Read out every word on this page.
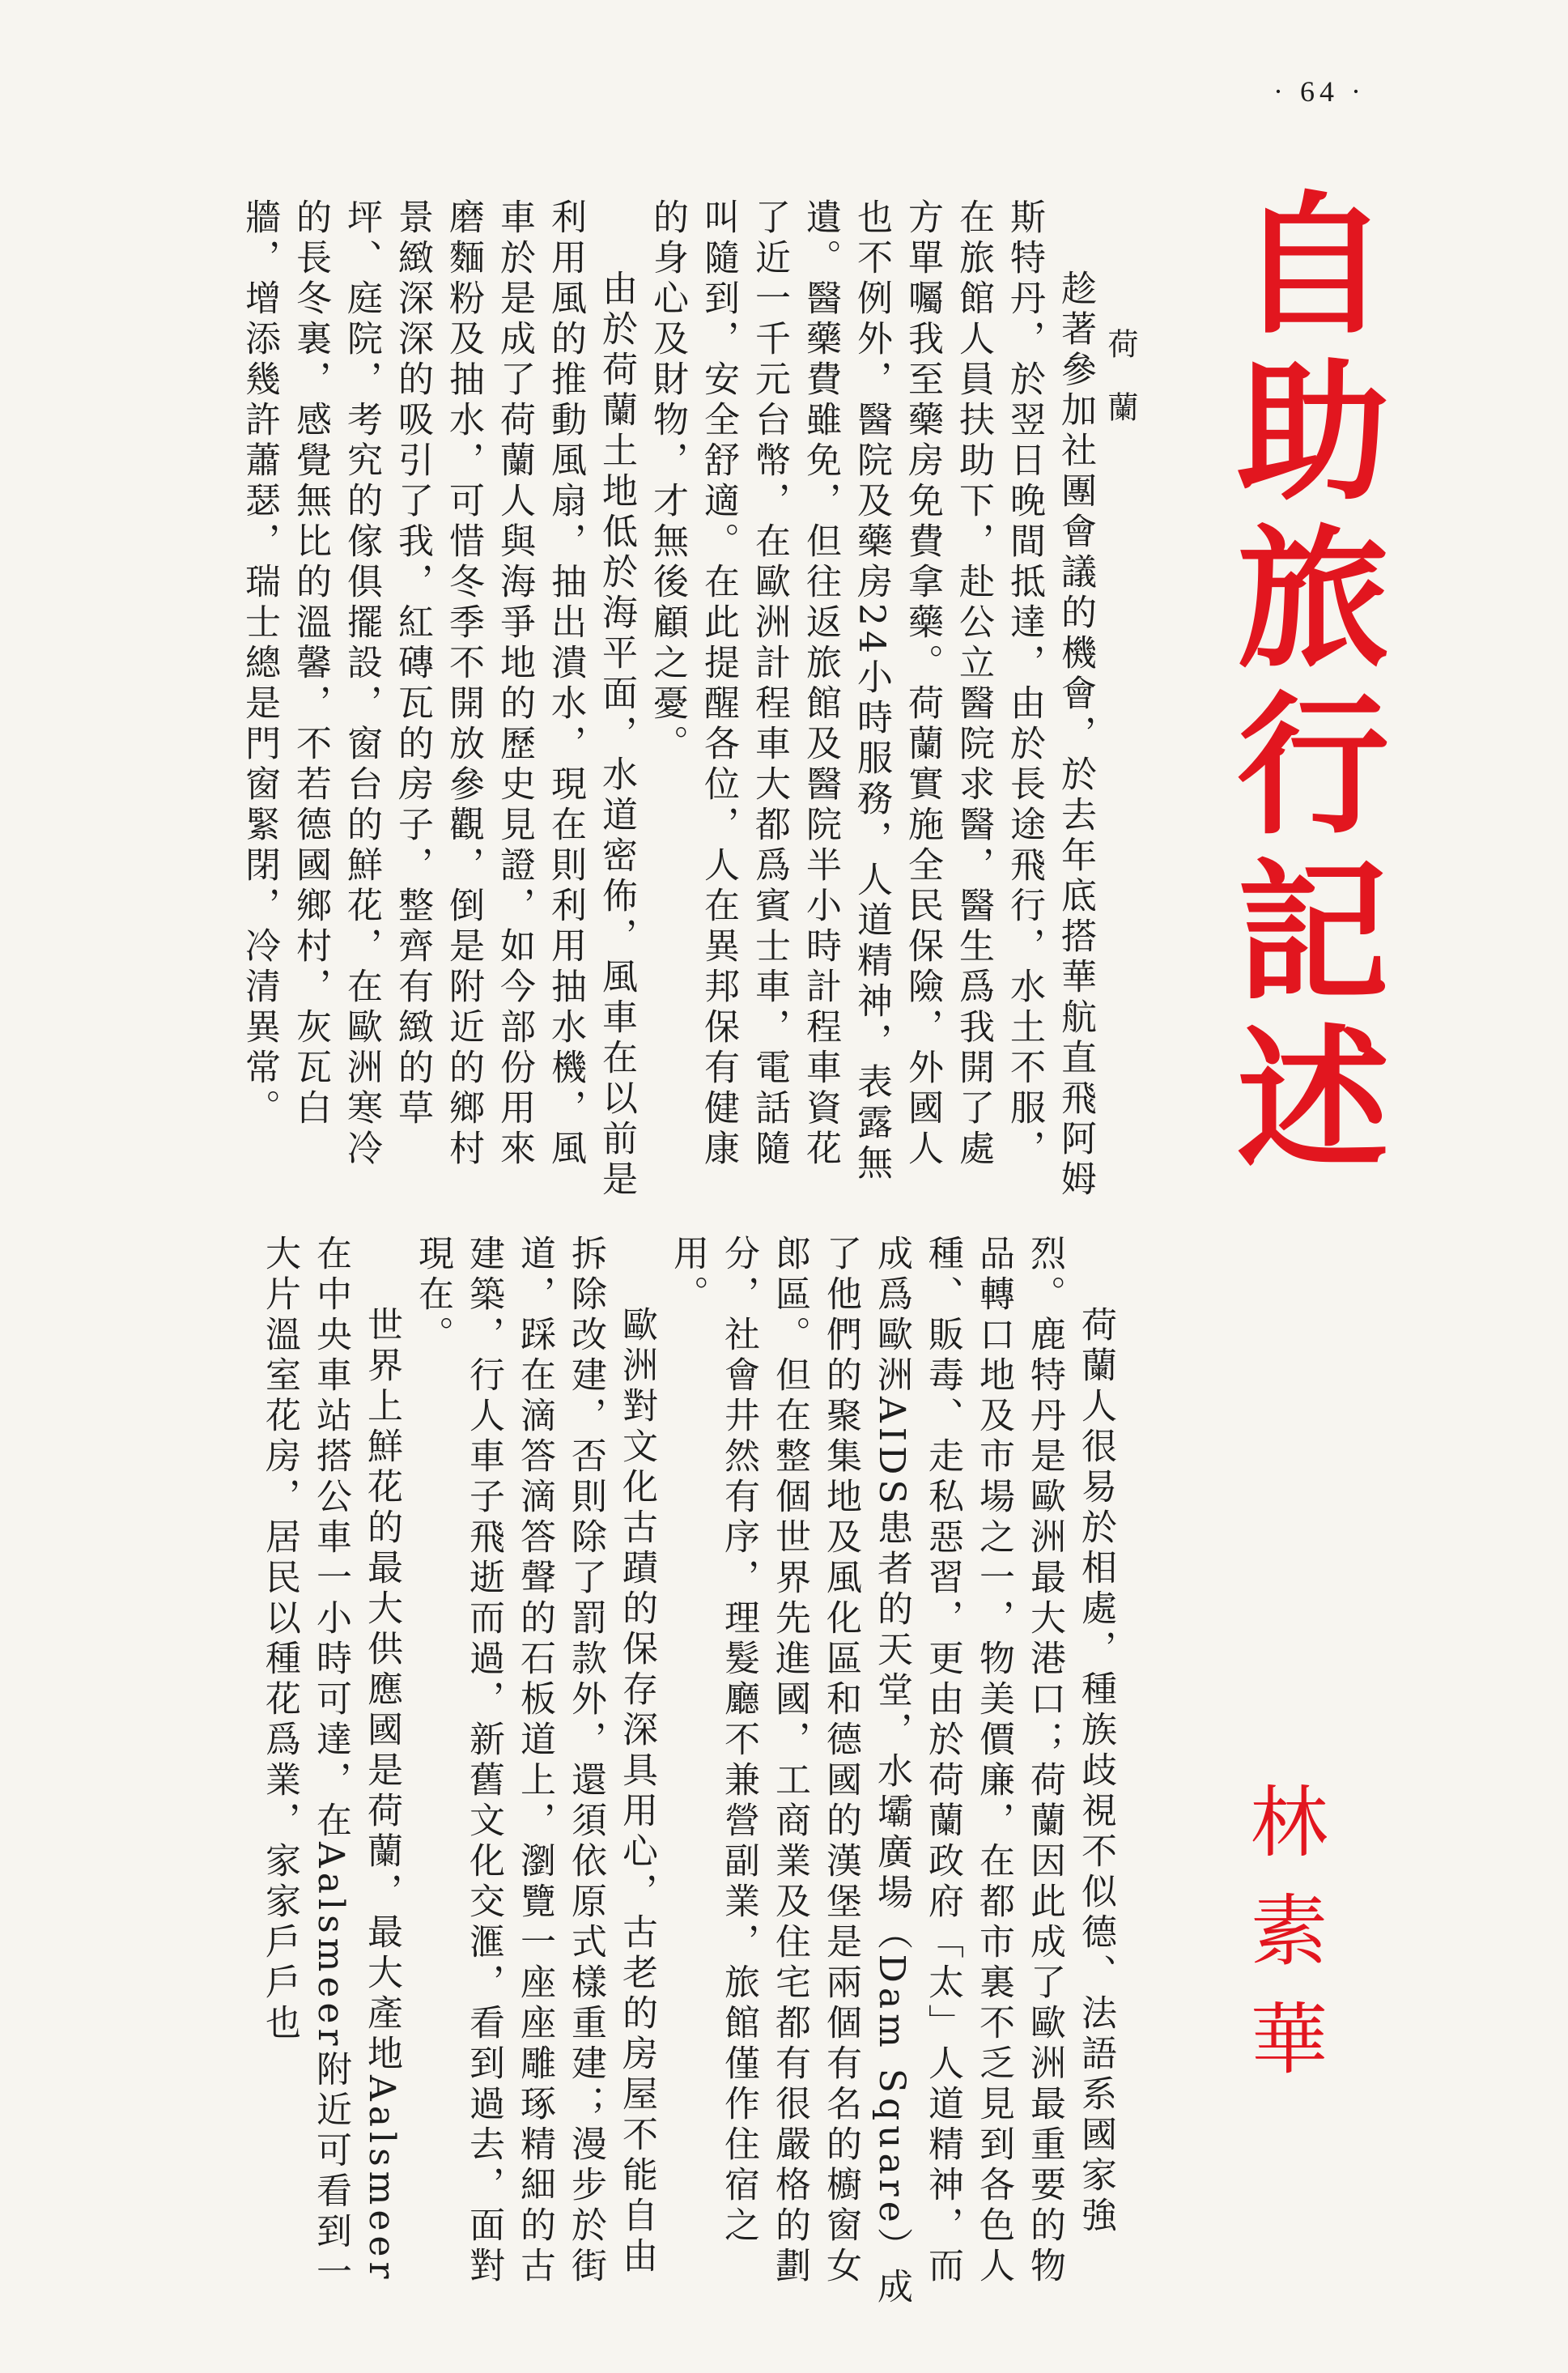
· 64 ·
自助旅行記述
荷蘭

趁著參加社團會議的機會，於去年底搭華航直飛阿姆斯特丹，於翌日晚間抵達，由於長途飛行，水土不服，在旅館人員扶助下，赴公立醫院求醫，醫生爲我開了處方單囑我至藥房免費拿藥。荷蘭實施全民保險，外國人也不例外，醫院及藥房24小時服務，人道精神，表露無遺。醫藥費雖免，但往返旅館及醫院半小時計程車資花了近一千元台幣，在歐洲計程車大都爲賓士車，電話隨叫隨到，安全舒適。在此提醒各位，人在異邦保有健康的身心及財物，才無後顧之憂。

由於荷蘭土地低於海平面，水道密佈，風車在以前是利用風的推動風扇，抽出潰水，現在則利用抽水機，風車於是成了荷蘭人與海爭地的歷史見證，如今部份用來磨麵粉及抽水，可惜冬季不開放參觀，倒是附近的鄉村景緻深深的吸引了我，紅磚瓦的房子，整齊有緻的草坪、庭院，考究的傢俱擺設，窗台的鮮花，在歐洲寒冷的長冬裏，感覺無比的溫馨，不若德國鄉村，灰瓦白牆，增添幾許蕭瑟，瑞士總是門窗緊閉，冷清異常。

荷蘭人很易於相處，種族歧視不似德、法語系國家強烈。鹿特丹是歐洲最大港口；荷蘭因此成了歐洲最重要的物品轉口地及市場之一，物美價廉，在都市裏不乏見到各色人種、販毒、走私惡習，更由於荷蘭政府「太」人道精神，而成爲歐洲AIDS患者的天堂，水壩廣場（Dam Square）成了他們的聚集地及風化區和德國的漢堡是兩個有名的櫥窗女郎區。但在整個世界先進國，工商業及住宅都有很嚴格的劃分，社會井然有序，理髮廳不兼營副業，旅館僅作住宿之用。

歐洲對文化古蹟的保存深具用心，古老的房屋不能自由拆除改建，否則除了罰款外，還須依原式樣重建；漫步於街道，踩在滴答滴答聲的石板道上，瀏覽一座座雕琢精細的古建築，行人車子飛逝而過，新舊文化交滙，看到過去，面對現在。

世界上鮮花的最大供應國是荷蘭，最大產地Aalsmeer在中央車站搭公車一小時可達，在Aalsmeer附近可看到一大片溫室花房，居民以種花爲業，家家戶戶也	林素華
